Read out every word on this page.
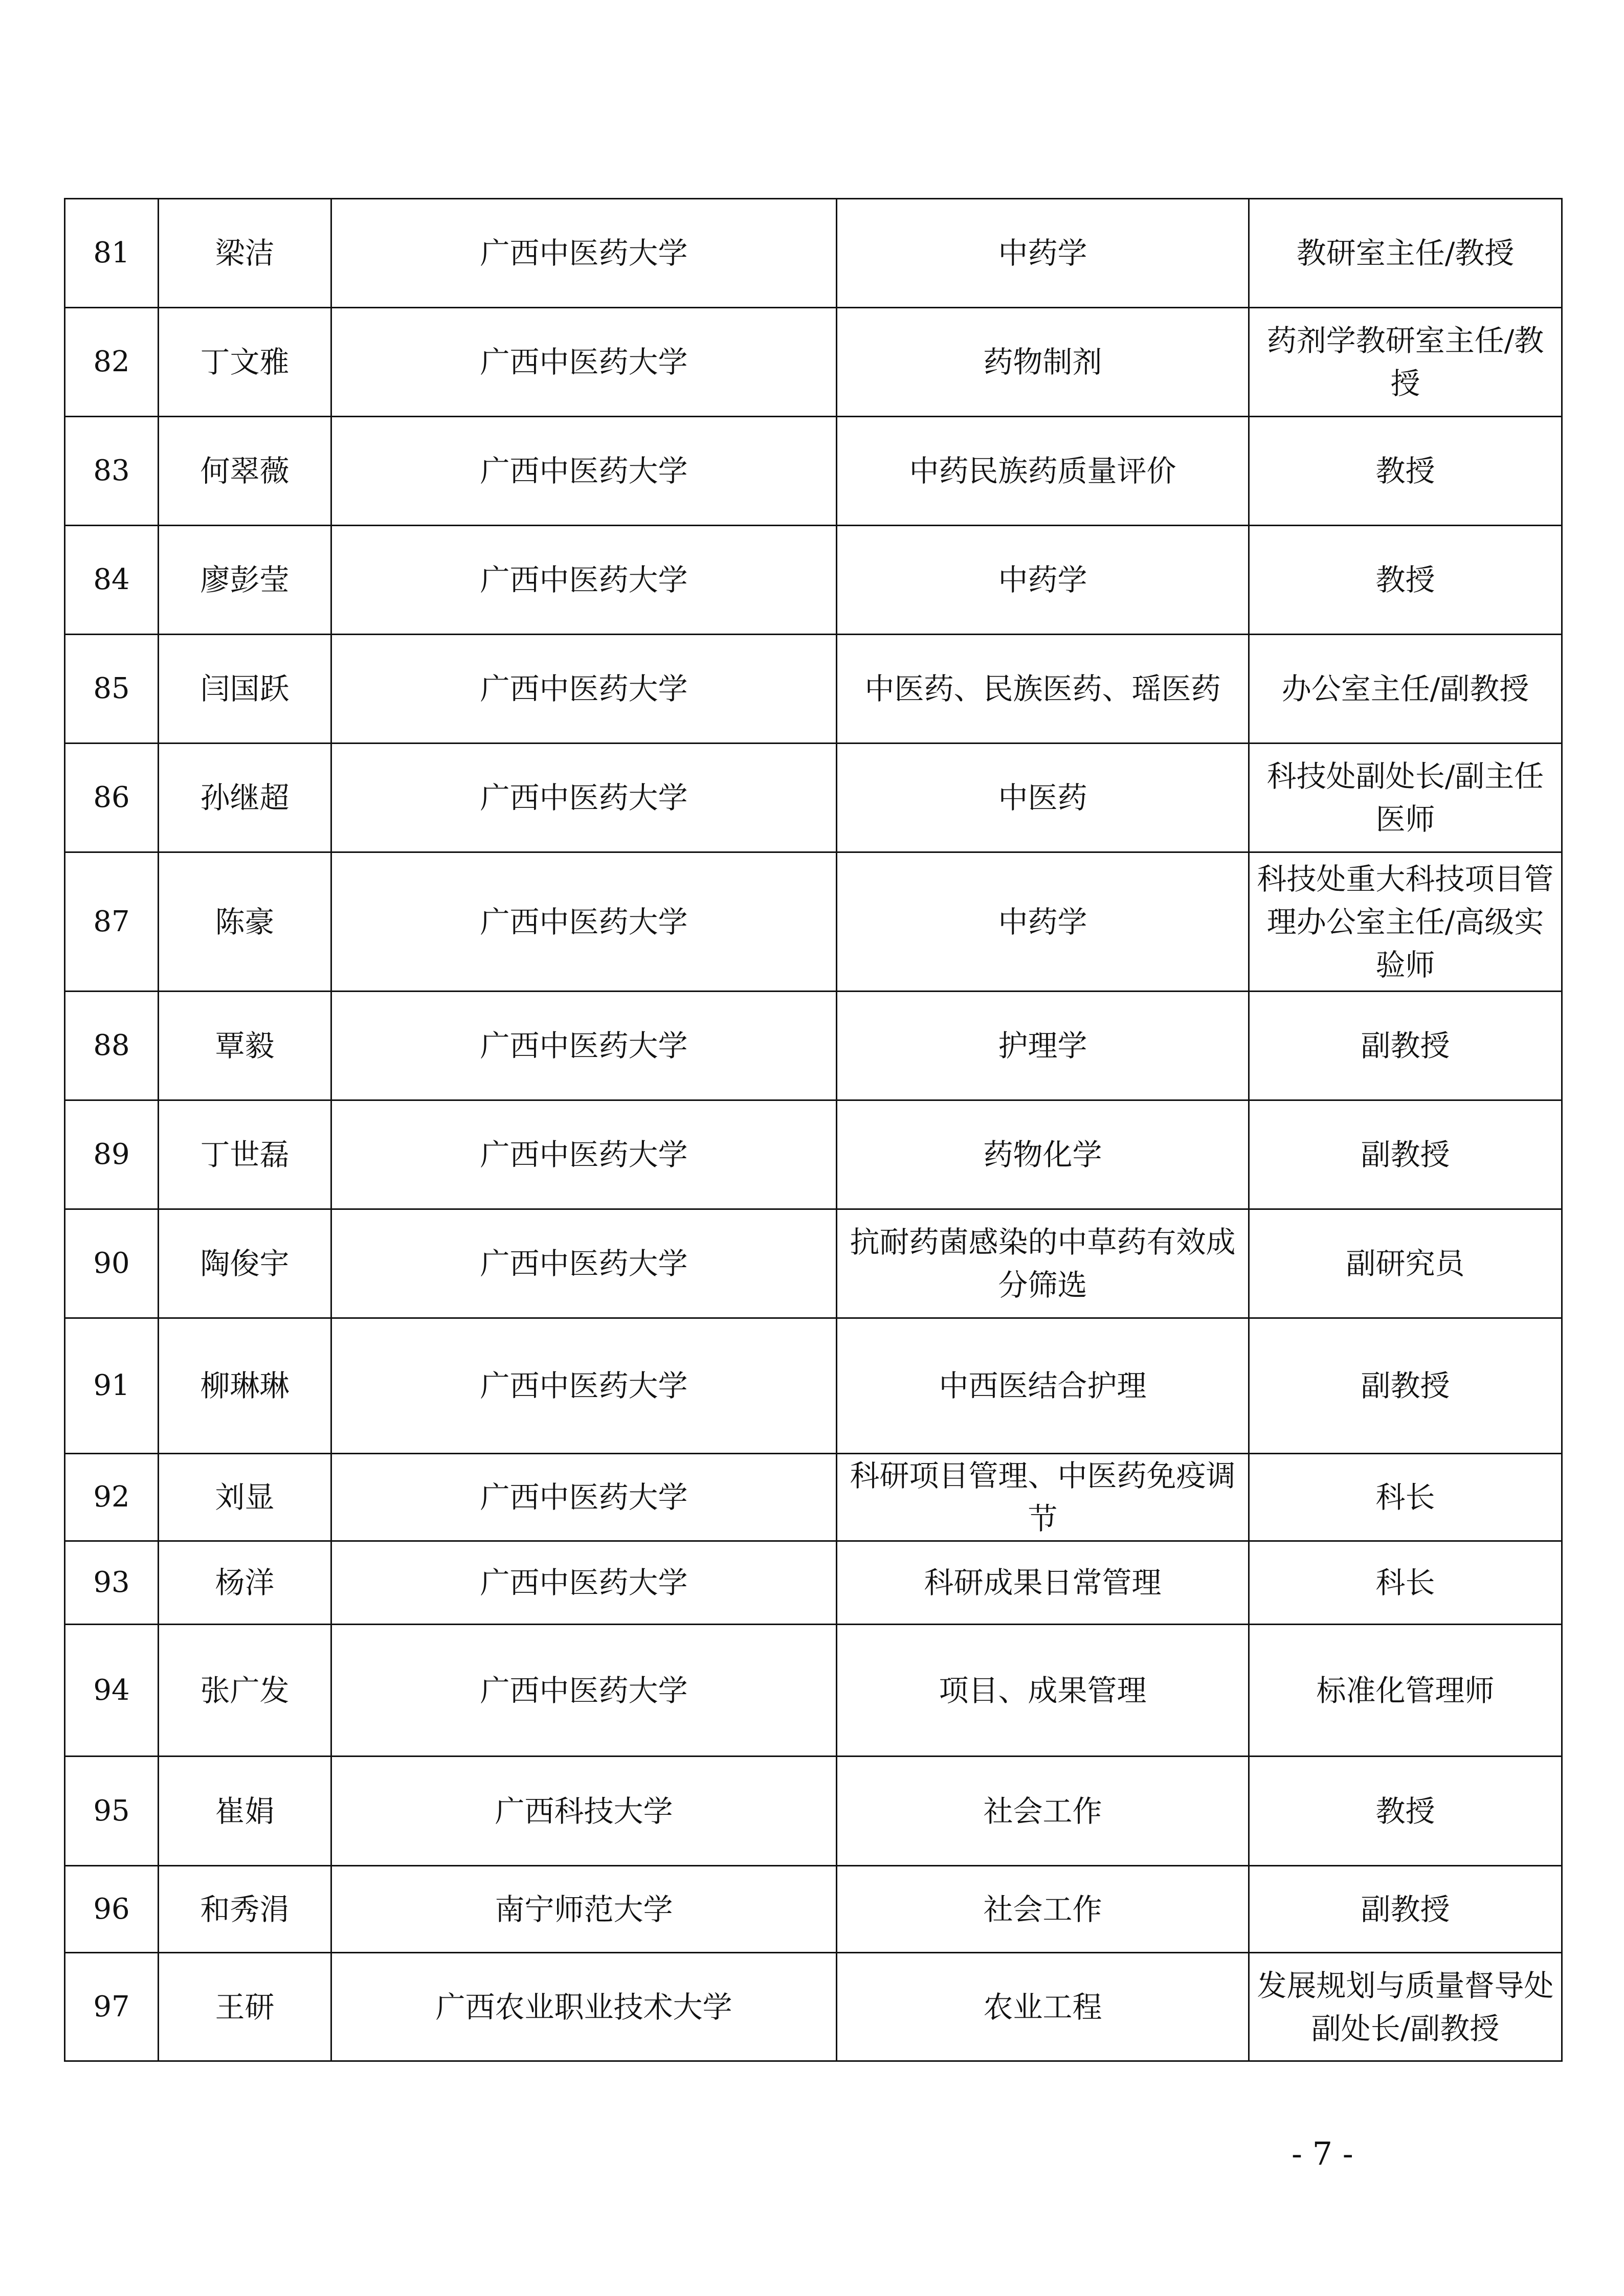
81	梁洁	广西中医药大学	中药学	教研室主任/教授
82	丁文雅	广西中医药大学	药物制剂	药剂学教研室主任/教授
83	何翠薇	广西中医药大学	中药民族药质量评价	教授
84	廖彭莹	广西中医药大学	中药学	教授
85	闫国跃	广西中医药大学	中医药、民族医药、瑶医药	办公室主任/副教授
86	孙继超	广西中医药大学	中医药	科技处副处长/副主任医师
87	陈豪	广西中医药大学	中药学	科技处重大科技项目管理办公室主任/高级实验师
88	覃毅	广西中医药大学	护理学	副教授
89	丁世磊	广西中医药大学	药物化学	副教授
90	陶俊宇	广西中医药大学	抗耐药菌感染的中草药有效成分筛选	副研究员
91	柳琳琳	广西中医药大学	中西医结合护理	副教授
92	刘显	广西中医药大学	科研项目管理、中医药免疫调节	科长
93	杨洋	广西中医药大学	科研成果日常管理	科长
94	张广发	广西中医药大学	项目、成果管理	标准化管理师
95	崔娟	广西科技大学	社会工作	教授
96	和秀涓	南宁师范大学	社会工作	副教授
97	王研	广西农业职业技术大学	农业工程	发展规划与质量督导处副处长/副教授
- 7 -
